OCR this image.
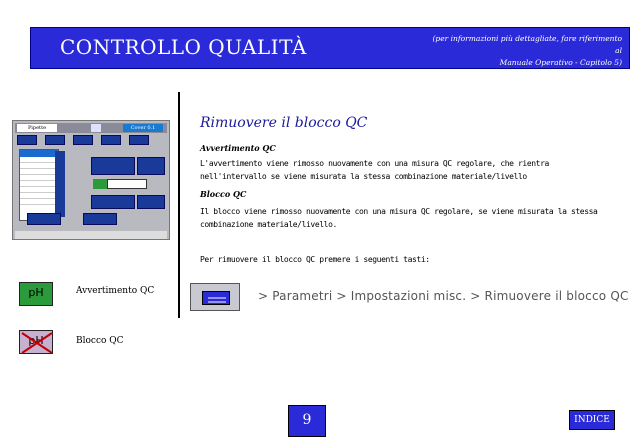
CONTROLLO QUALITÀ	(per informazioni più dettagliate, fare riferimento al
Manuale Operativo - Capitolo 5)
Pipette	Cover 0.1	Rimuovere il blocco QC
Avvertimento QC
L'avvertimento viene rimosso nuovamente con una misura QC regolare, che rientra
nell'intervallo se viene misurata la stessa combinazione materiale/livello
Blocco QC
Il blocco viene rimosso nuovamente con una misura QC regolare, se viene misurata la stessa
combinazione materiale/livello.
Per rimuovere il blocco QC premere i seguenti tasti:
pH	Avvertimento QC
pH	Blocco QC
> Parametri > Impostazioni misc. > Rimuovere il blocco QC
9	INDICE
